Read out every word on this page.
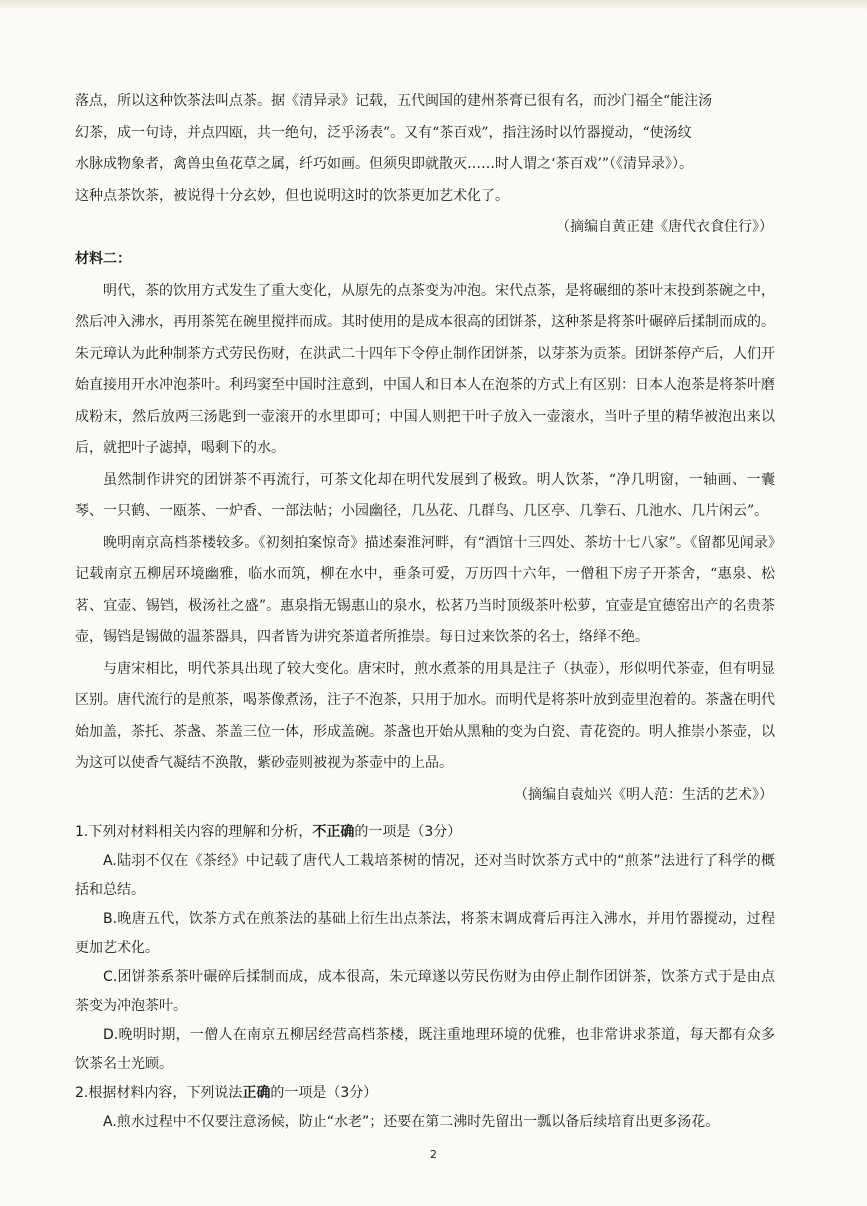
落点，所以这种饮茶法叫点茶。据《清异录》记载，五代闽国的建州茶膏已很有名，而沙门福全“能注汤

幻茶，成一句诗，并点四瓯，共一绝句，泛乎汤表”。又有“茶百戏”，指注汤时以竹器搅动，“使汤纹

水脉成物象者，禽兽虫鱼花草之属，纤巧如画。但须臾即就散灭……时人谓之‘茶百戏’”（《清异录》）。

这种点茶饮茶，被说得十分玄妙，但也说明这时的饮茶更加艺术化了。

（摘编自黄正建《唐代衣食住行》）

材料二：

明代，茶的饮用方式发生了重大变化，从原先的点茶变为冲泡。宋代点茶，是将碾细的茶叶末投到茶碗之中，然后冲入沸水，再用茶筅在碗里搅拌而成。其时使用的是成本很高的团饼茶，这种茶是将茶叶碾碎后揉制而成的。朱元璋认为此种制茶方式劳民伤财，在洪武二十四年下令停止制作团饼茶，以芽茶为贡茶。团饼茶停产后，人们开始直接用开水冲泡茶叶。利玛窦至中国时注意到，中国人和日本人在泡茶的方式上有区别：日本人泡茶是将茶叶磨成粉末，然后放两三汤匙到一壶滚开的水里即可；中国人则把干叶子放入一壶滚水，当叶子里的精华被泡出来以后，就把叶子滤掉，喝剩下的水。

虽然制作讲究的团饼茶不再流行，可茶文化却在明代发展到了极致。明人饮茶，“净几明窗，一轴画、一囊琴、一只鹤、一瓯茶、一炉香、一部法帖；小园幽径，几丛花、几群鸟、几区亭、几拳石、几池水、几片闲云”。

晚明南京高档茶楼较多。《初刻拍案惊奇》描述秦淮河畔，有“酒馆十三四处、茶坊十七八家”。《留都见闻录》记载南京五柳居环境幽雅，临水而筑，柳在水中，垂条可爱，万历四十六年，一僧租下房子开茶舍，“惠泉、松茗、宜壶、锡铛，极汤社之盛”。惠泉指无锡惠山的泉水，松茗乃当时顶级茶叶松萝，宜壶是宜德窑出产的名贵茶壶，锡铛是锡做的温茶器具，四者皆为讲究茶道者所推崇。每日过来饮茶的名士，络绎不绝。

与唐宋相比，明代茶具出现了较大变化。唐宋时，煎水煮茶的用具是注子（执壶），形似明代茶壶，但有明显区别。唐代流行的是煎茶，喝茶像煮汤，注子不泡茶，只用于加水。而明代是将茶叶放到壶里泡着的。茶盏在明代始加盖，茶托、茶盏、茶盖三位一体，形成盖碗。茶盏也开始从黑釉的变为白瓷、青花瓷的。明人推崇小茶壶，以为这可以使香气凝结不涣散，紫砂壶则被视为茶壶中的上品。

（摘编自袁灿兴《明人范：生活的艺术》）

1.下列对材料相关内容的理解和分析，不正确的一项是（3分）

A.陆羽不仅在《茶经》中记载了唐代人工栽培茶树的情况，还对当时饮茶方式中的“煎茶”法进行了科学的概括和总结。

B.晚唐五代，饮茶方式在煎茶法的基础上衍生出点茶法，将茶末调成膏后再注入沸水，并用竹器搅动，过程更加艺术化。

C.团饼茶系茶叶碾碎后揉制而成，成本很高，朱元璋遂以劳民伤财为由停止制作团饼茶，饮茶方式于是由点茶变为冲泡茶叶。

D.晚明时期，一僧人在南京五柳居经营高档茶楼，既注重地理环境的优雅，也非常讲求茶道，每天都有众多饮茶名士光顾。

2.根据材料内容，下列说法正确的一项是（3分）

A.煎水过程中不仅要注意汤候，防止“水老”；还要在第二沸时先留出一瓢以备后续培育出更多汤花。

2
